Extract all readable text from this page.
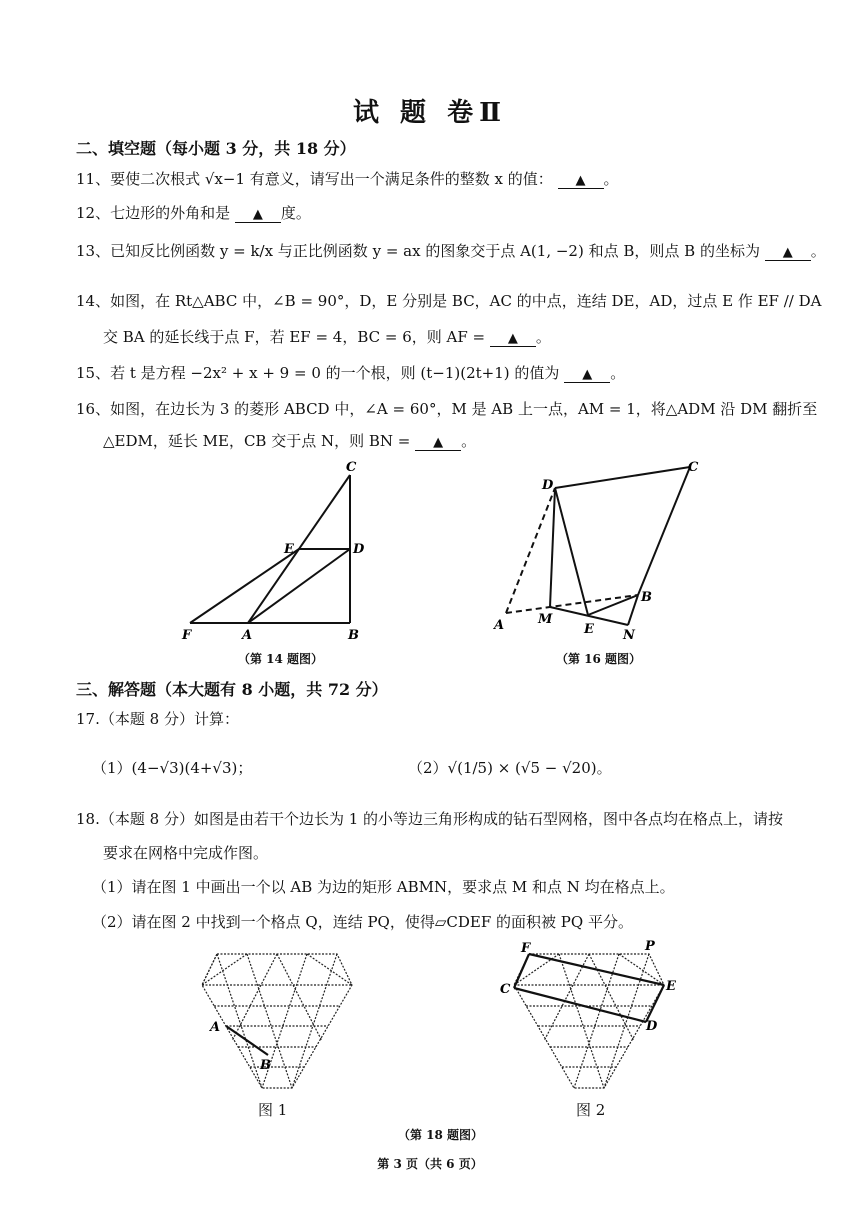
试 题 卷Ⅱ
二、填空题（每小题 3 分，共 18 分）
11、要使二次根式 √x−1 有意义，请写出一个满足条件的整数 x 的值： ▲ 。
12、七边形的外角和是 ▲ 度。
13、已知反比例函数 y = k/x 与正比例函数 y = ax 的图象交于点 A(1, −2) 和点 B，则点 B 的坐标为 ▲ 。
14、如图，在 Rt△ABC 中，∠B = 90°，D，E 分别是 BC，AC 的中点，连结 DE，AD，过点 E 作 EF // DA
交 BA 的延长线于点 F，若 EF = 4，BC = 6，则 AF = ▲ 。
15、若 t 是方程 −2x² + x + 9 = 0 的一个根，则 (t−1)(2t+1) 的值为 ▲ 。
16、如图，在边长为 3 的菱形 ABCD 中，∠A = 60°，M 是 AB 上一点，AM = 1，将△ADM 沿 DM 翻折至
△EDM，延长 ME，CB 交于点 N，则 BN = ▲ 。
C
E	D
F	A	B
（第 14 题图）
D
C
A	M
E N
B
（第 16 题图）
三、解答题（本大题有 8 小题，共 72 分）
17.（本题 8 分）计算：
（1）(4−√3)(4+√3)；	（2）√(1/5) × (√5 − √20)。
18.（本题 8 分）如图是由若干个边长为 1 的小等边三角形构成的钻石型网格，图中各点均在格点上，请按
要求在网格中完成作图。
（1）请在图 1 中画出一个以 AB 为边的矩形 ABMN，要求点 M 和点 N 均在格点上。
（2）请在图 2 中找到一个格点 Q，连结 PQ，使得▱CDEF 的面积被 PQ 平分。
A
B
图 1
F	P
C	E
D
图 2
（第 18 题图）
第 3 页（共 6 页）
